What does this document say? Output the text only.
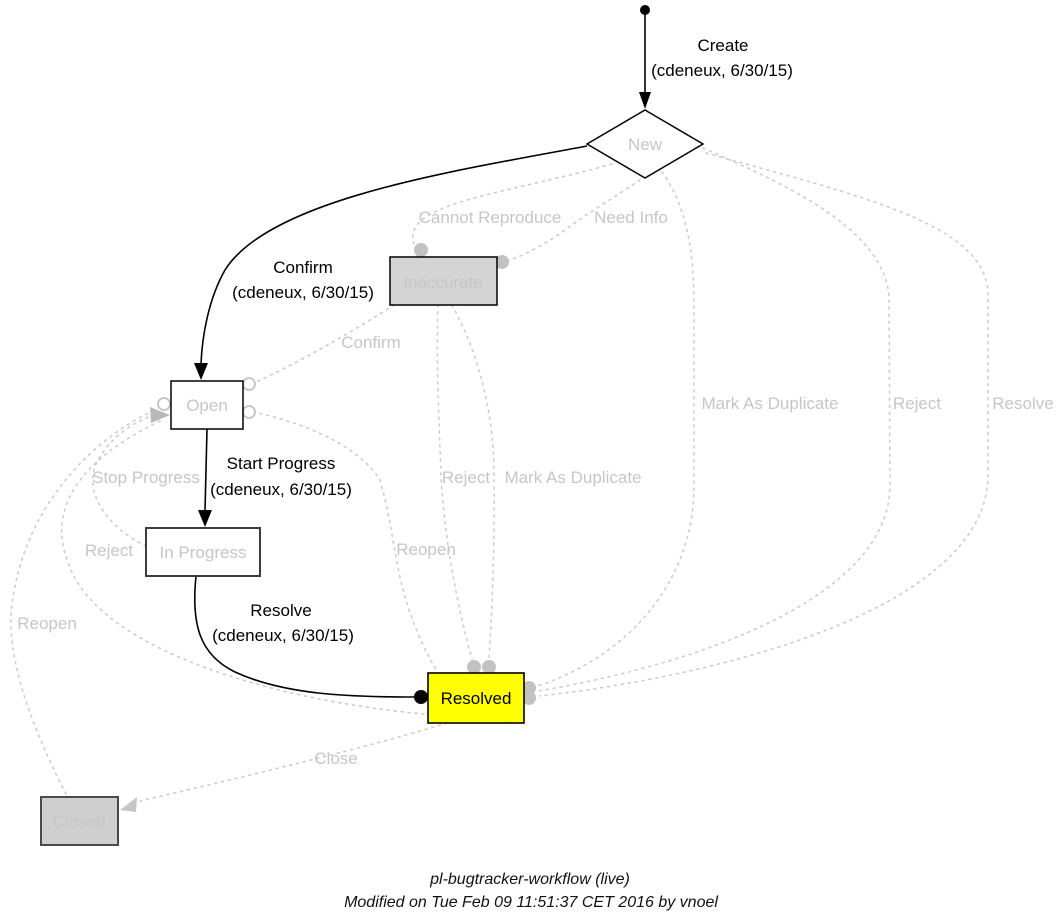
New
Inaccurate
Open
In Progress
Resolved
Closed
Create
(cdeneux, 6/30/15)
Confirm
(cdeneux, 6/30/15)
Start Progress
(cdeneux, 6/30/15)
Resolve
(cdeneux, 6/30/15)
Cannot Reproduce Need Info
Confirm
Stop Progress
Reject
Reopen
Reject Mark As Duplicate
Reopen
Mark As Duplicate	Reject	Resolve
Close
pl-bugtracker-workflow (live)
Modified on Tue Feb 09 11:51:37 CET 2016 by vnoel
